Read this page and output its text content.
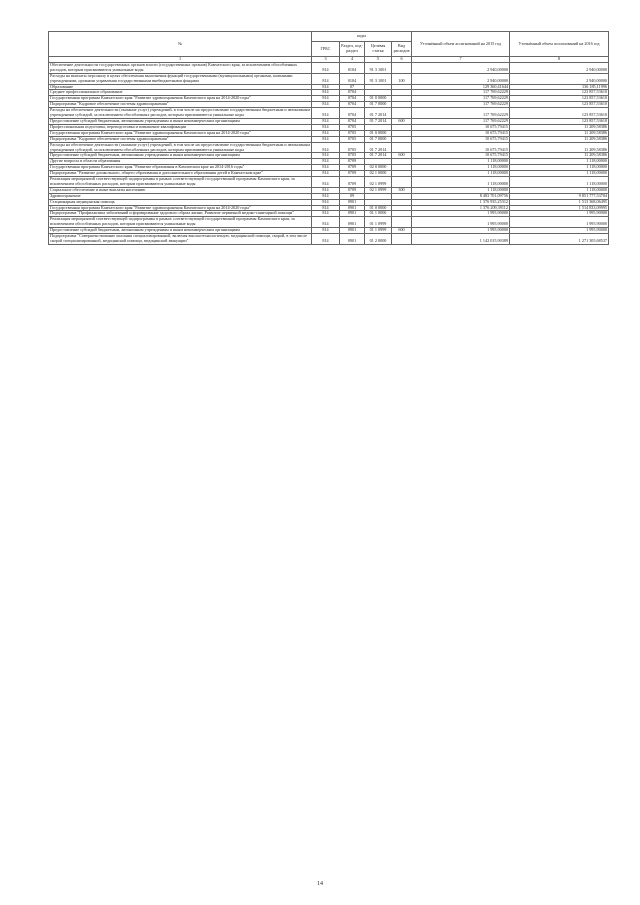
№	коды				Уточнённый объем ассигнований на 2015 год	Уточнённый объем ассигнований на 2016 год
	ГРБС	Раздел, под-раздел	Целевая статья	Вид расходов		
1	3	4	5	6	7	8
Обеспечение деятельности государственных органов власти (государственных органов) Камчатского края, за исключением обособленных расходов, которым присваиваются уникальные коды	814	0104	91 3 1001		2 940,00000	2 940,00000
Расходы на выплаты персоналу в целях обеспечения выполнения функций государственными (муниципальными) органами, казенными учреждениями, органами управления государственными внебюджетными фондами	814	0104	91 3 1001	100	2 940,00000	2 940,00000
Образование	814	07			129 360,41644	136 185,11996
Среднее профессиональное образование	814	0704			117 769,62229	123 857,53610
Государственная программа Камчатского края "Развитие здравоохранения Камчатского края на 2014-2020 годы"	814	0704	01 0 0000		117 769,62229	123 857,53610
Подпрограмма "Кадровое обеспечение системы здравоохранения"	814	0704	01 7 0000		117 769,62229	123 857,53610
Расходы на обеспечение деятельности (оказание услуг) учреждений, в том числе на предоставление государственным бюджетным и автономным учреждениям субсидий, за исключением обособленных расходов, которым присваиваются уникальные коды	814	0704	01 7 2014		117 769,62229	123 857,53610
Предоставление субсидий бюджетным, автономным учреждениям и иным некоммерческим организациям	814	0704	01 7 2014	600	117 769,62229	123 857,53610
Профессиональная подготовка, переподготовка и повышение квалификации	814	0705			10 675,79415	11 209,58386
Государственная программа Камчатского края "Развитие здравоохранения Камчатского края на 2014-2020 годы"	814	0705	01 0 0000		10 675,79415	11 209,58386
Подпрограмма "Кадровое обеспечение системы здравоохранения"	814	0705	01 7 0000		10 675,79415	11 209,58386
Расходы на обеспечение деятельности (оказание услуг) учреждений, в том числе на предоставление государственным бюджетным и автономным учреждениям субсидий, за исключением обособленных расходов, которым присваиваются уникальные коды	814	0705	01 7 2014		10 675,79415	11 209,58386
Предоставление субсидий бюджетным, автономным учреждениям и иным некоммерческим организациям	814	0705	01 7 2014	600	10 675,79415	11 209,58386
Другие вопросы в области образования	814	0709			1 118,00000	1 118,00000
Государственная программа Камчатского края "Развитие образования в Камчатском крае на 2014-2016 годы"	814	0709	02 0 0000		1 118,00000	1 118,00000
Подпрограмма "Развитие дошкольного, общего образования и дополнительного образования детей в Камчатском крае"	814	0709	02 1 0000		1 118,00000	1 118,00000
Реализация мероприятий соответствующей подпрограммы в рамках соответствующей государственной программы Камчатского края, за исключением обособленных расходов, которым присваиваются уникальные коды	814	0709	02 1 0999		1 118,00000	1 118,00000
Социальное обеспечение и иные выплаты населению	814	0709	02 1 0999	300	1 118,00000	1 118,00000
Здравоохранение	814	09			8 483 701,09756	9 851 777,53704
Стационарная медицинская помощь	814	0901			1 376 935,25312	1 513 368,06495
Государственная программа Камчатского края "Развитие здравоохранения Камчатского края на 2014-2020 годы"	814	0901	01 0 0000		1 376 209,39112	1 514 833,09995
Подпрограмма "Профилактика заболеваний и формирование здорового образа жизни. Развитие первичной медико-санитарной помощи"	814	0901	01 1 0000		1 995,90000	1 995,90000
Реализация мероприятий соответствующей подпрограммы в рамках соответствующей государственной программы Камчатского края, за исключением обособленных расходов, которым присваиваются уникальные коды	814	0901	01 1 0999		1 995,90000	1 995,90000
Предоставление субсидий бюджетным, автономным учреждениям и иным некоммерческим организациям	814	0901	01 1 0999	600	1 995,90000	1 995,90000
Подпрограмма "Совершенствование оказания специализированной, включая высокотехнологичную, медицинской помощи, скорой, в том числе скорой специализированной, медицинской помощи, медицинской эвакуации"	814	0901	01 2 0000		1 142 015,90389	1 271 305,68537
14
